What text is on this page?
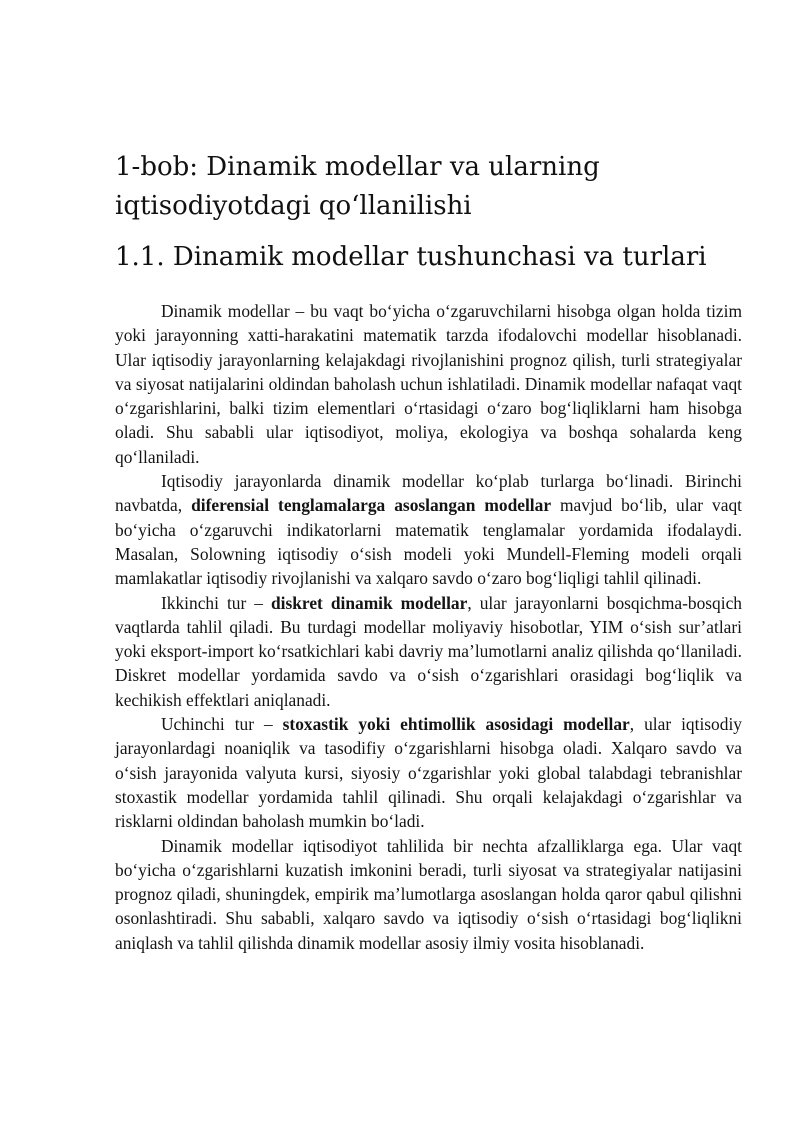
1-bob: Dinamik modellar va ularning iqtisodiyotdagi qo‘llanilishi
1.1. Dinamik modellar tushunchasi va turlari

Dinamik modellar – bu vaqt bo‘yicha o‘zgaruvchilarni hisobga olgan holda tizim yoki jarayonning xatti-harakatini matematik tarzda ifodalovchi modellar hisoblanadi. Ular iqtisodiy jarayonlarning kelajakdagi rivojlanishini prognoz qilish, turli strategiyalar va siyosat natijalarini oldindan baholash uchun ishlatiladi. Dinamik modellar nafaqat vaqt o‘zgarishlarini, balki tizim elementlari o‘rtasidagi o‘zaro bog‘liqliklarni ham hisobga oladi. Shu sababli ular iqtisodiyot, moliya, ekologiya va boshqa sohalarda keng qo‘llaniladi.

Iqtisodiy jarayonlarda dinamik modellar ko‘plab turlarga bo‘linadi. Birinchi navbatda, diferensial tenglamalarga asoslangan modellar mavjud bo‘lib, ular vaqt bo‘yicha o‘zgaruvchi indikatorlarni matematik tenglamalar yordamida ifodalaydi. Masalan, Solowning iqtisodiy o‘sish modeli yoki Mundell-Fleming modeli orqali mamlakatlar iqtisodiy rivojlanishi va xalqaro savdo o‘zaro bog‘liqligi tahlil qilinadi.

Ikkinchi tur – diskret dinamik modellar, ular jarayonlarni bosqichma-bosqich vaqtlarda tahlil qiladi. Bu turdagi modellar moliyaviy hisobotlar, YIM o‘sish sur’atlari yoki eksport-import ko‘rsatkichlari kabi davriy ma’lumotlarni analiz qilishda qo‘llaniladi. Diskret modellar yordamida savdo va o‘sish o‘zgarishlari orasidagi bog‘liqlik va kechikish effektlari aniqlanadi.

Uchinchi tur – stoxastik yoki ehtimollik asosidagi modellar, ular iqtisodiy jarayonlardagi noaniqlik va tasodifiy o‘zgarishlarni hisobga oladi. Xalqaro savdo va o‘sish jarayonida valyuta kursi, siyosiy o‘zgarishlar yoki global talabdagi tebranishlar stoxastik modellar yordamida tahlil qilinadi. Shu orqali kelajakdagi o‘zgarishlar va risklarni oldindan baholash mumkin bo‘ladi.

Dinamik modellar iqtisodiyot tahlilida bir nechta afzalliklarga ega. Ular vaqt bo‘yicha o‘zgarishlarni kuzatish imkonini beradi, turli siyosat va strategiyalar natijasini prognoz qiladi, shuningdek, empirik ma’lumotlarga asoslangan holda qaror qabul qilishni osonlashtiradi. Shu sababli, xalqaro savdo va iqtisodiy o‘sish o‘rtasidagi bog‘liqlikni aniqlash va tahlil qilishda dinamik modellar asosiy ilmiy vosita hisoblanadi.
